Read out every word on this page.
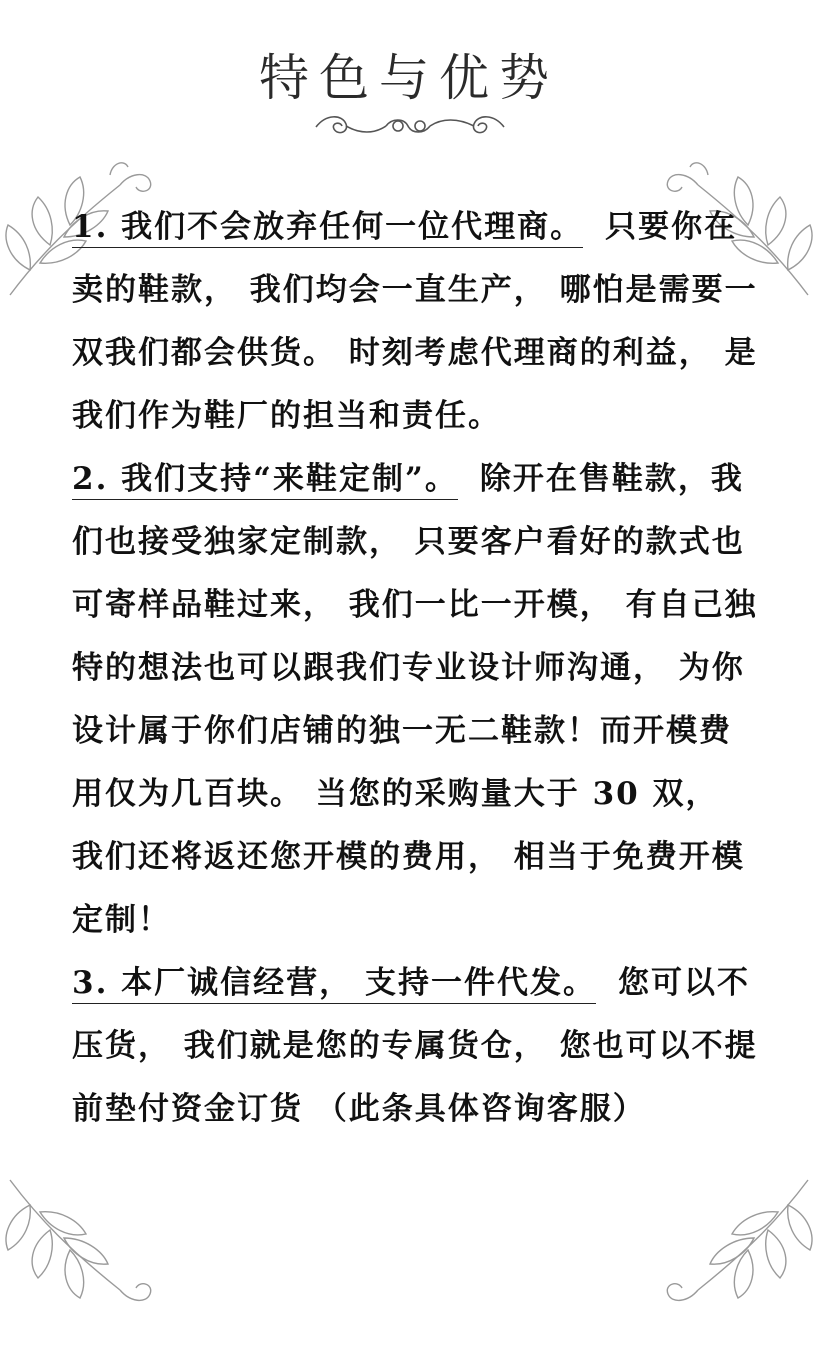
特色与优势

1. 我们不会放弃任何一位代理商。 只要你在卖的鞋款， 我们均会一直生产， 哪怕是需要一双我们都会供货。 时刻考虑代理商的利益， 是我们作为鞋厂的担当和责任。

2. 我们支持“来鞋定制”。 除开在售鞋款，我们也接受独家定制款， 只要客户看好的款式也可寄样品鞋过来， 我们一比一开模， 有自己独特的想法也可以跟我们专业设计师沟通， 为你设计属于你们店铺的独一无二鞋款！而开模费用仅为几百块。 当您的采购量大于 30 双， 我们还将返还您开模的费用， 相当于免费开模定制！

3. 本厂诚信经营， 支持一件代发。 您可以不压货， 我们就是您的专属货仓， 您也可以不提前垫付资金订货 （此条具体咨询客服）
